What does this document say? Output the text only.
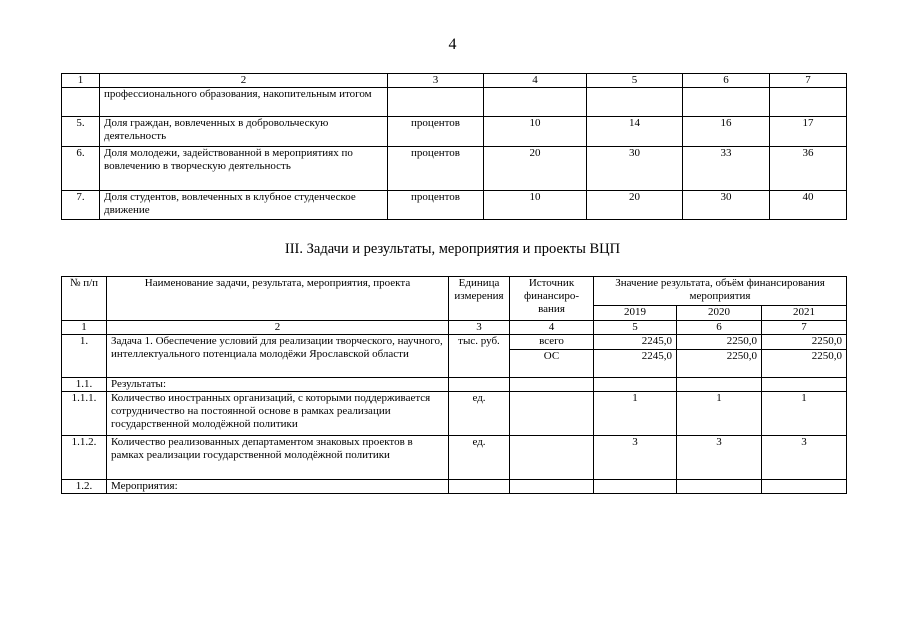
4
1	2	3	4	5	6	7
	профессионального образования, накопительным итогом					
5.	Доля граждан, вовлеченных в добровольческую деятельность	процентов	10	14	16	17
6.	Доля молодежи, задействованной в мероприятиях по вовлечению в творческую деятельность	процентов	20	30	33	36
7.	Доля студентов, вовлеченных в клубное студенческое движение	процентов	10	20	30	40
III. Задачи и результаты, мероприятия и проекты ВЦП
№ п/п	Наименование задачи, результата, мероприятия, проекта	Единица измерения	Источник финансиро-вания	Значение результата, объём финансирования мероприятия		
				2019	2020	2021
1	2	3	4	5	6	7
1.	Задача 1. Обеспечение условий для реализации творческого, научного, интеллектуального потенциала молодёжи Ярославской области	тыс. руб.	всего	2245,0	2250,0	2250,0
			ОС	2245,0	2250,0	2250,0
1.1.	Результаты:					
1.1.1.	Количество иностранных организаций, с которыми поддерживается сотрудничество на постоянной основе в рамках реализации государственной молодёжной политики	ед.		1	1	1
1.1.2.	Количество реализованных департаментом знаковых проектов в рамках реализации государственной молодёжной политики	ед.		3	3	3
1.2.	Мероприятия:					
